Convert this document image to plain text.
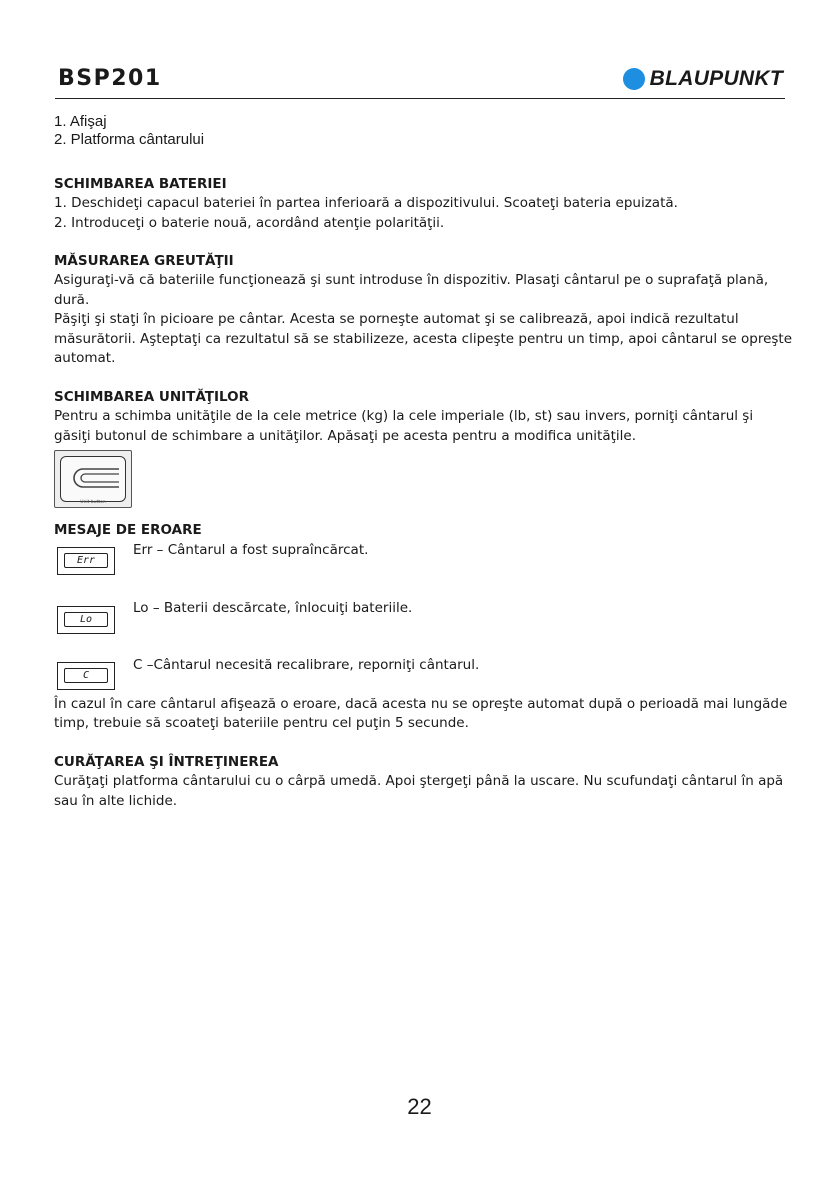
BSP201	BLAUPUNKT
1. Afişaj
2. Platforma cântarului
SCHIMBAREA BATERIEI

1. Deschideţi capacul bateriei în partea inferioară a dispozitivului. Scoateţi bateria epuizată.

2. Introduceţi o baterie nouă, acordând atenţie polarităţii.

MĂSURAREA GREUTĂŢII

Asiguraţi-vă că bateriile funcţionează şi sunt introduse în dispozitiv. Plasaţi cântarul pe o suprafaţă plană, dură.

Păşiţi şi staţi în picioare pe cântar. Acesta se porneşte automat şi se calibrează, apoi indică rezultatul măsurătorii. Aşteptaţi ca rezultatul să se stabilizeze, acesta clipeşte pentru un timp, apoi cântarul se opreşte automat.

SCHIMBAREA UNITĂŢILOR

Pentru a schimba unităţile de la cele metrice (kg) la cele imperiale (lb, st) sau invers, porniţi cântarul şi găsiţi butonul de schimbare a unităţilor. Apăsaţi pe acesta pentru a modifica unităţile.

Unit button
MESAJE DE EROARE
Err
Err – Cântarul a fost supraîncărcat.
Lo
Lo – Baterii descărcate, înlocuiţi bateriile.
C
C –Cântarul necesită recalibrare, reporniţi cântarul.

În cazul în care cântarul afişează o eroare, dacă acesta nu se opreşte automat după o perioadă mai lungăde timp, trebuie să scoateţi bateriile pentru cel puţin 5 secunde.

CURĂŢAREA ŞI ÎNTREŢINEREA

Curăţaţi platforma cântarului cu o cârpă umedă. Apoi ştergeţi până la uscare. Nu scufundaţi cântarul în apă sau în alte lichide.

22
